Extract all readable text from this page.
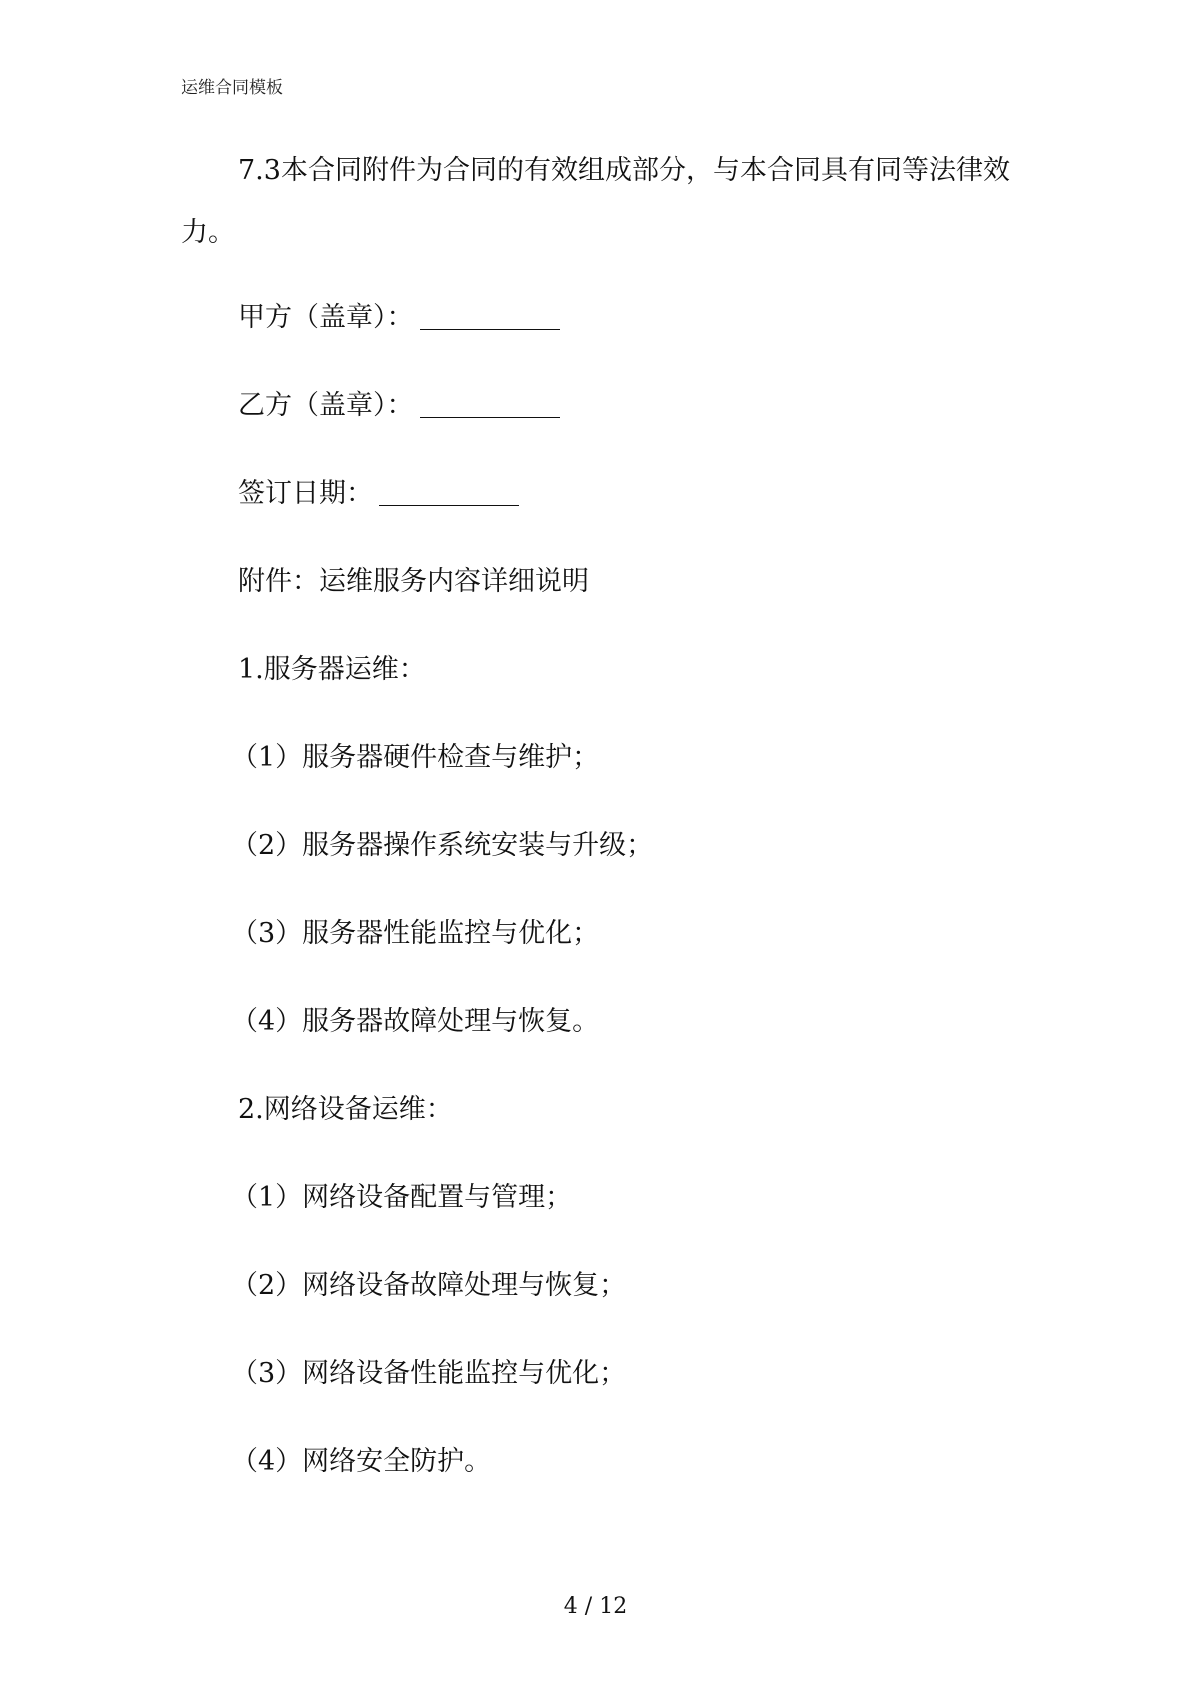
运维合同模板

7.3本合同附件为合同的有效组成部分，与本合同具有同等法律效力。

甲方（盖章）：
乙方（盖章）：
签订日期：
附件：运维服务内容详细说明
1.服务器运维：
（1）服务器硬件检查与维护；
（2）服务器操作系统安装与升级；
（3）服务器性能监控与优化；
（4）服务器故障处理与恢复。
2.网络设备运维：
（1）网络设备配置与管理；
（2）网络设备故障处理与恢复；
（3）网络设备性能监控与优化；
（4）网络安全防护。
4 / 12
